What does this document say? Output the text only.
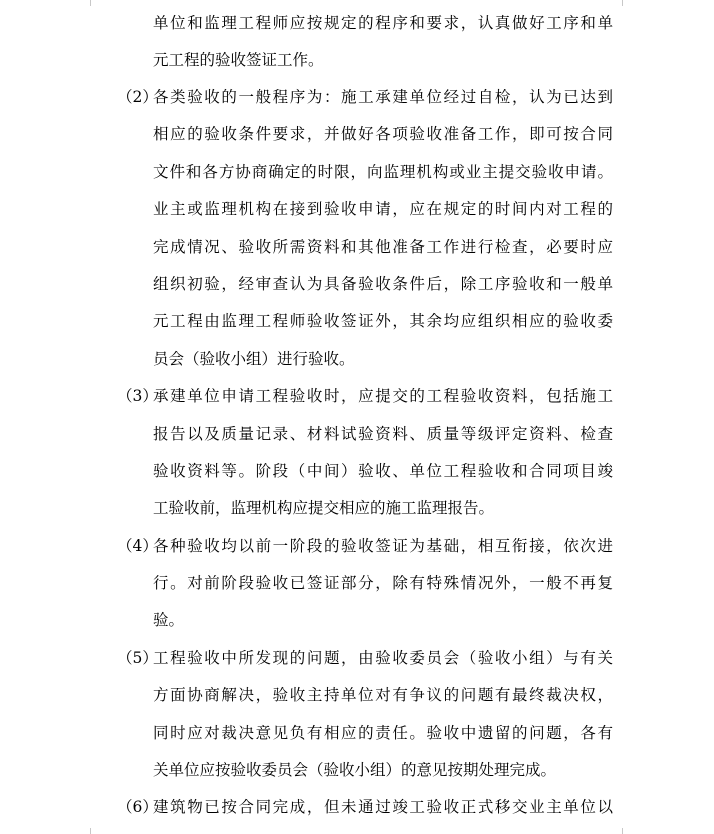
单位和监理工程师应按规定的程序和要求，认真做好工序和单
元工程的验收签证工作。
（2）
各类验收的一般程序为：施工承建单位经过自检，认为已达到
相应的验收条件要求，并做好各项验收准备工作，即可按合同
文件和各方协商确定的时限，向监理机构或业主提交验收申请。
业主或监理机构在接到验收申请，应在规定的时间内对工程的
完成情况、验收所需资料和其他准备工作进行检查，必要时应
组织初验，经审查认为具备验收条件后，除工序验收和一般单
元工程由监理工程师验收签证外，其余均应组织相应的验收委
员会（验收小组）进行验收。
（3）
承建单位申请工程验收时，应提交的工程验收资料，包括施工
报告以及质量记录、材料试验资料、质量等级评定资料、检查
验收资料等。阶段（中间）验收、单位工程验收和合同项目竣
工验收前，监理机构应提交相应的施工监理报告。
（4）
各种验收均以前一阶段的验收签证为基础，相互衔接，依次进
行。对前阶段验收已签证部分，除有特殊情况外，一般不再复
验。
（5）
工程验收中所发现的问题，由验收委员会（验收小组）与有关
方面协商解决，验收主持单位对有争议的问题有最终裁决权，
同时应对裁决意见负有相应的责任。验收中遗留的问题，各有
关单位应按验收委员会（验收小组）的意见按期处理完成。
（6）
建筑物已按合同完成，但未通过竣工验收正式移交业主单位以
